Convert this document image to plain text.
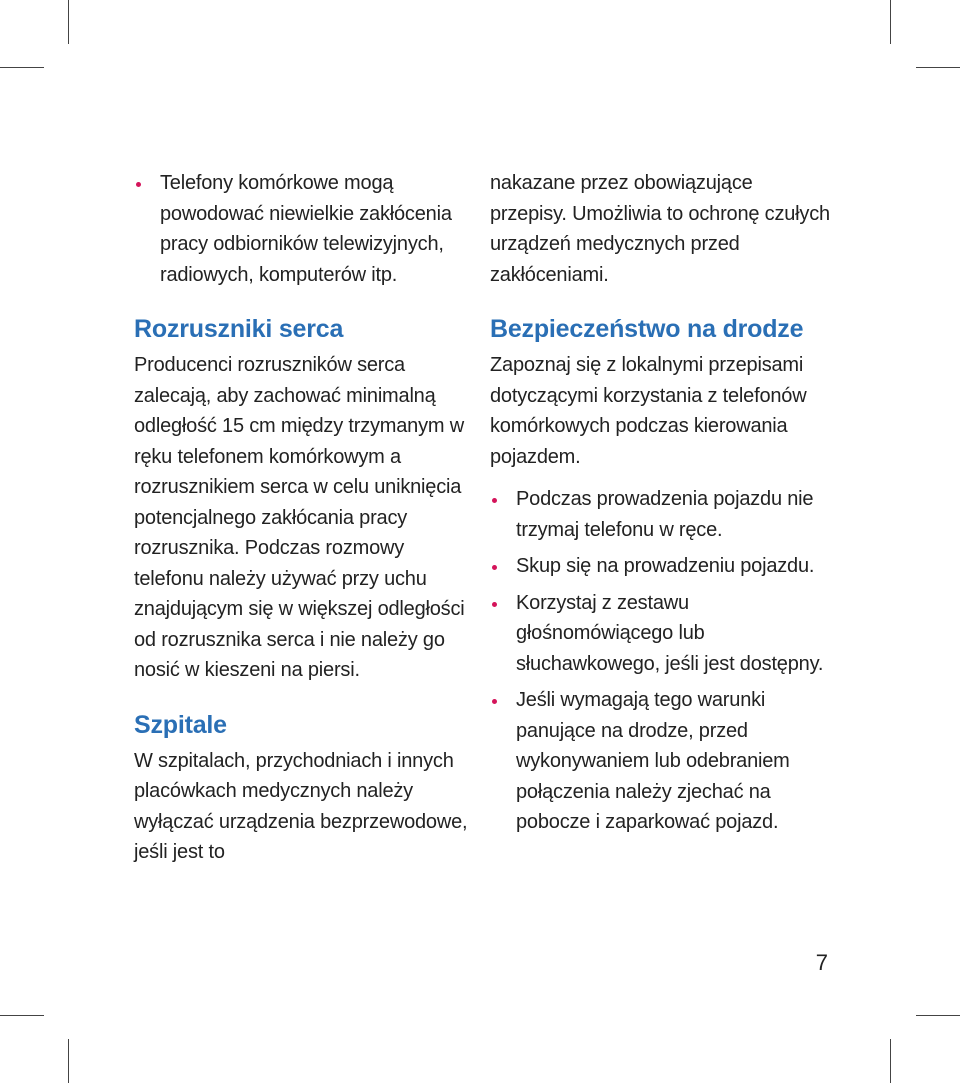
Telefony komórkowe mogą powodować niewielkie zakłócenia pracy odbiorników telewizyjnych, radiowych, komputerów itp.
Rozruszniki serca

Producenci rozruszników serca zalecają, aby zachować minimalną odległość 15 cm między trzymanym w ręku telefonem komórkowym a rozrusznikiem serca w celu uniknięcia potencjalnego zakłócania pracy rozrusznika. Podczas rozmowy telefonu należy używać przy uchu znajdującym się w większej odległości od rozrusznika serca i nie należy go nosić w kieszeni na piersi.

Szpitale

W szpitalach, przychodniach i innych placówkach medycznych należy wyłączać urządzenia bezprzewodowe, jeśli jest to

nakazane przez obowiązujące przepisy. Umożliwia to ochronę czułych urządzeń medycznych przed zakłóceniami.

Bezpieczeństwo na drodze

Zapoznaj się z lokalnymi przepisami dotyczącymi korzystania z telefonów komórkowych podczas kierowania pojazdem.

Podczas prowadzenia pojazdu nie trzymaj telefonu w ręce.
Skup się na prowadzeniu pojazdu.
Korzystaj z zestawu głośnomówiącego lub słuchawkowego, jeśli jest dostępny.
Jeśli wymagają tego warunki panujące na drodze, przed wykonywaniem lub odebraniem połączenia należy zjechać na pobocze i zaparkować pojazd.
7
